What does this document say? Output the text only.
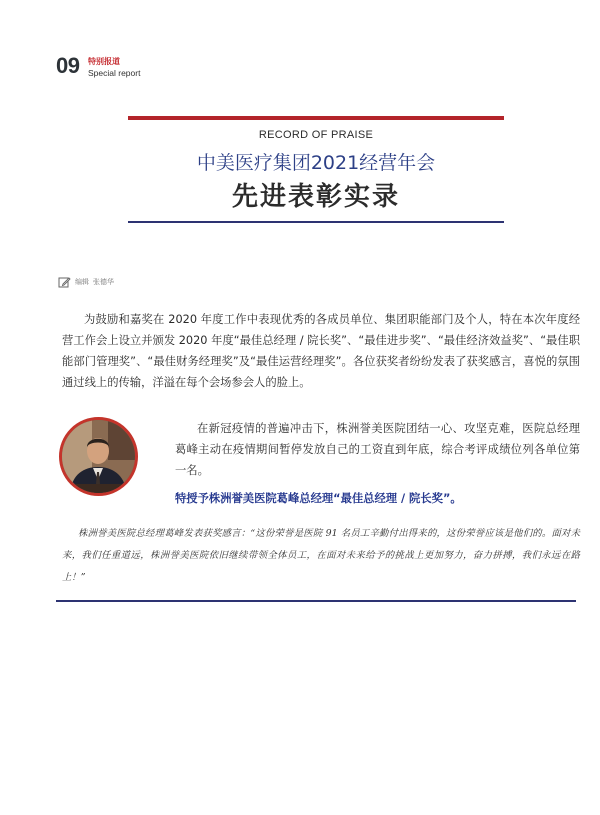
09 特别报道
Special report
RECORD OF PRAISE
中美医疗集团2021经营年会
先进表彰实录
编辑 张德华

为鼓励和嘉奖在 2020 年度工作中表现优秀的各成员单位、集团职能部门及个人，特在本次年度经营工作会上设立并颁发 2020 年度“最佳总经理 / 院长奖”、“最佳进步奖”、“最佳经济效益奖”、“最佳职能部门管理奖”、“最佳财务经理奖”及“最佳运营经理奖”。各位获奖者纷纷发表了获奖感言，喜悦的氛围通过线上的传输，洋溢在每个会场参会人的脸上。

在新冠疫情的普遍冲击下，株洲誉美医院团结一心、攻坚克难，医院总经理葛峰主动在疫情期间暂停发放自己的工资直到年底，综合考评成绩位列各单位第一名。

特授予株洲誉美医院葛峰总经理“最佳总经理 / 院长奖”。

株洲誉美医院总经理葛峰发表获奖感言：“这份荣誉是医院 91 名员工辛勤付出得来的，这份荣誉应该是他们的。面对未来，我们任重道远，株洲誉美医院依旧继续带领全体员工，在面对未来给予的挑战上更加努力，奋力拼搏，我们永远在路上！”
